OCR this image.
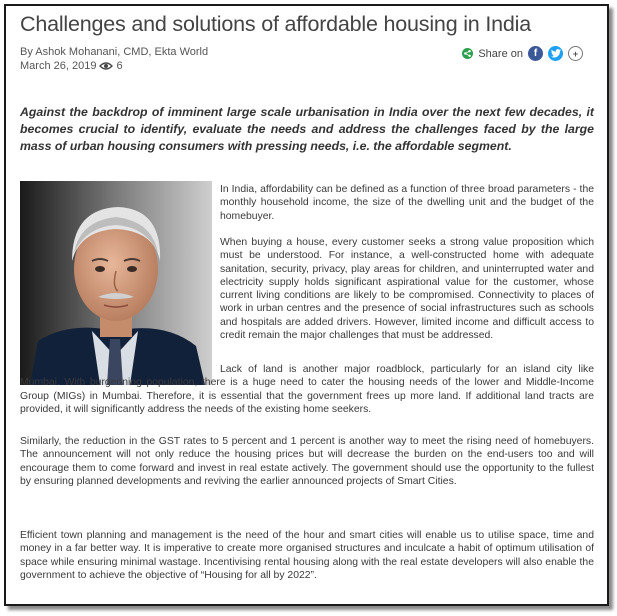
Challenges and solutions of affordable housing in India
By Ashok Mohanani, CMD, Ekta World
March 26, 2019 6
Share on	f	+

Against the backdrop of imminent large scale urbanisation in India over the next few decades, it becomes crucial to identify, evaluate the needs and address the challenges faced by the large mass of urban housing consumers with pressing needs, i.e. the affordable segment.

In India, affordability can be defined as a function of three broad parameters - the monthly household income, the size of the dwelling unit and the budget of the homebuyer.

When buying a house, every customer seeks a strong value proposition which must be understood. For instance, a well-constructed home with adequate sanitation, security, privacy, play areas for children, and uninterrupted water and electricity supply holds significant aspirational value for the customer, whose current living conditions are likely to be compromised. Connectivity to places of work in urban centres and the presence of social infrastructures such as schools and hospitals are added drivers. However, limited income and difficult access to credit remain the major challenges that must be addressed.

Lack of land is another major roadblock, particularly for an island city like Mumbai. With burgeoning population, there is a huge need to cater the housing needs of the lower and Middle-Income Group (MIGs) in Mumbai. Therefore, it is essential that the government frees up more land. If additional land tracts are provided, it will significantly address the needs of the existing home seekers.

Similarly, the reduction in the GST rates to 5 percent and 1 percent is another way to meet the rising need of homebuyers. The announcement will not only reduce the housing prices but will decrease the burden on the end-users too and will encourage them to come forward and invest in real estate actively. The government should use the opportunity to the fullest by ensuring planned developments and reviving the earlier announced projects of Smart Cities.

Efficient town planning and management is the need of the hour and smart cities will enable us to utilise space, time and money in a far better way. It is imperative to create more organised structures and inculcate a habit of optimum utilisation of space while ensuring minimal wastage. Incentivising rental housing along with the real estate developers will also enable the government to achieve the objective of “Housing for all by 2022”.
